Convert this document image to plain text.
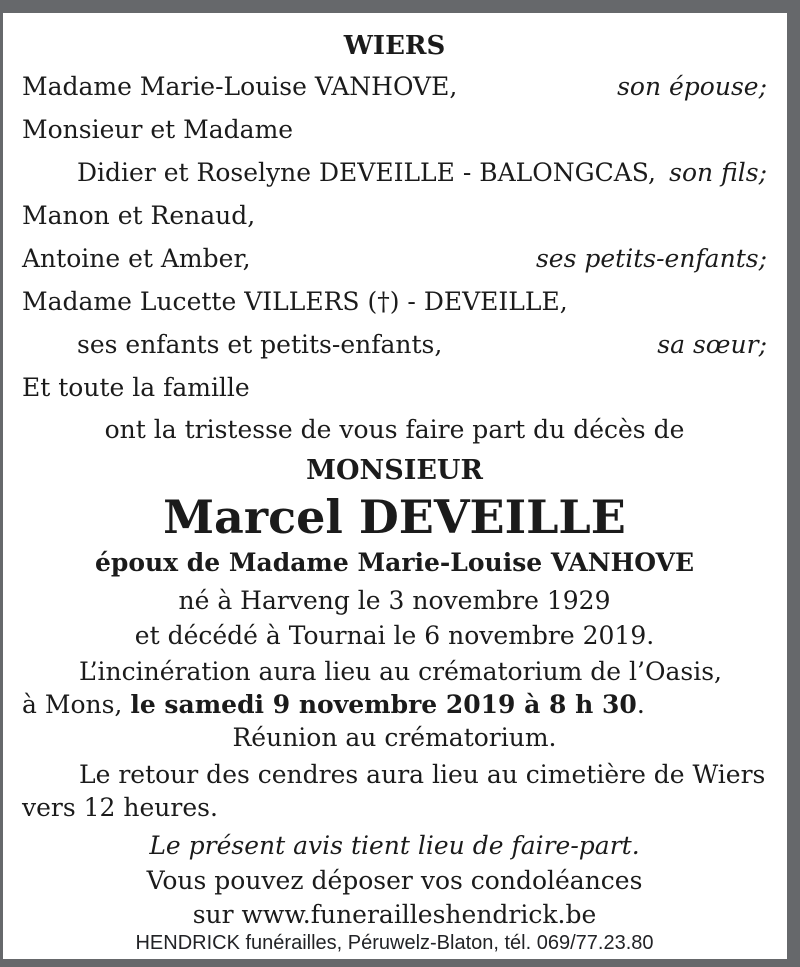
WIERS
Madame Marie-Louise VANHOVE,	son épouse;
Monsieur et Madame
Didier et Roselyne DEVEILLE - BALONGCAS, son fils;
Manon et Renaud,
Antoine et Amber,	ses petits-enfants;
Madame Lucette VILLERS (†) - DEVEILLE,
ses enfants et petits-enfants,	sa sœur;
Et toute la famille
ont la tristesse de vous faire part du décès de
MONSIEUR
Marcel DEVEILLE
époux de Madame Marie-Louise VANHOVE
né à Harveng le 3 novembre 1929
et décédé à Tournai le 6 novembre 2019.
L’incinération aura lieu au crématorium de l’Oasis,
à Mons, le samedi 9 novembre 2019 à 8 h 30.
Réunion au crématorium.
Le retour des cendres aura lieu au cimetière de Wiers
vers 12 heures.
Le présent avis tient lieu de faire-part.
Vous pouvez déposer vos condoléances
sur www.funerailleshendrick.be
HENDRICK funérailles, Péruwelz-Blaton, tél. 069/77.23.80
